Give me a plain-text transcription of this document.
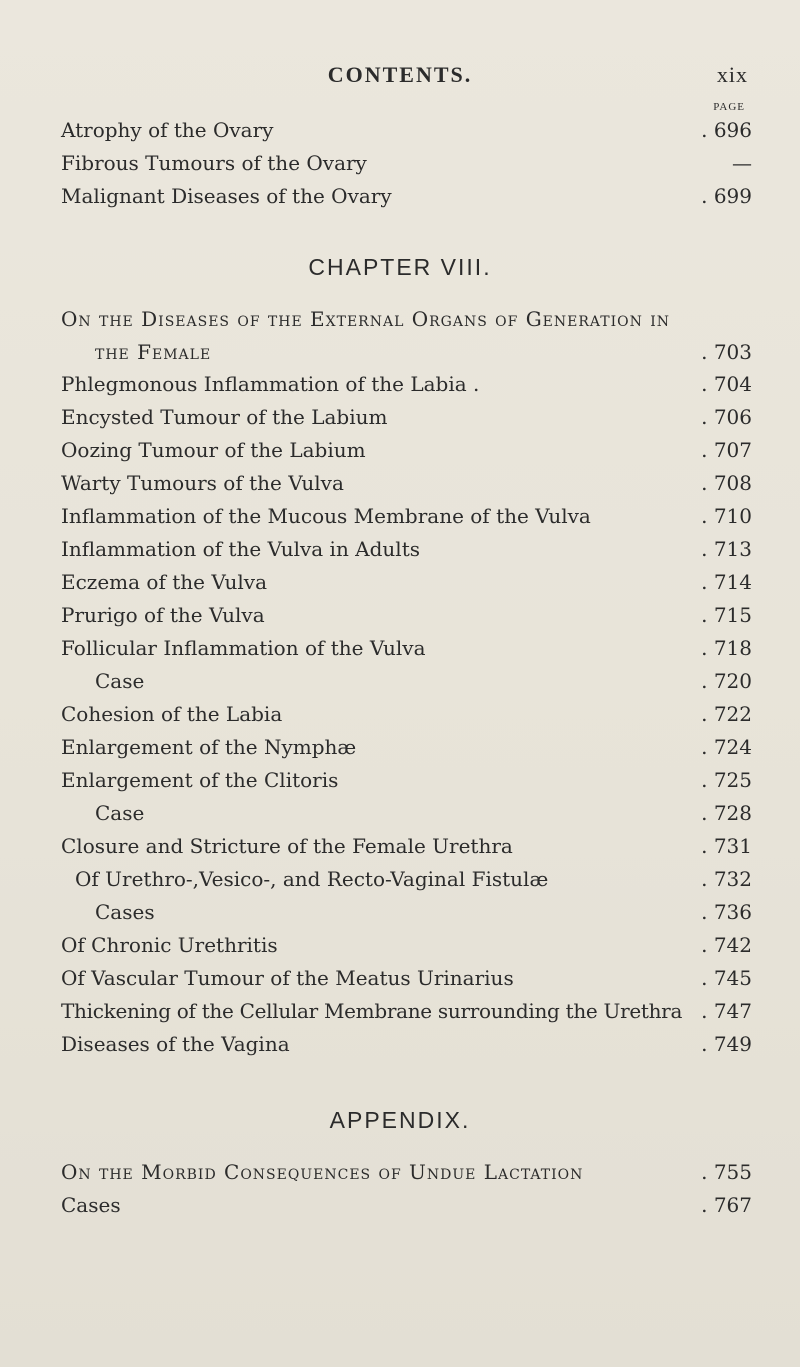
CONTENTS.	xix
PAGE
Atrophy of the Ovary	. 696
Fibrous Tumours of the Ovary	—
Malignant Diseases of the Ovary	. 699
CHAPTER VIII.
On the Diseases of the External Organs of Generation in
the Female	. 703
Phlegmonous Inflammation of the Labia .	. 704
Encysted Tumour of the Labium	. 706
Oozing Tumour of the Labium	. 707
Warty Tumours of the Vulva	. 708
Inflammation of the Mucous Membrane of the Vulva	. 710
Inflammation of the Vulva in Adults	. 713
Eczema of the Vulva	. 714
Prurigo of the Vulva	. 715
Follicular Inflammation of the Vulva	. 718
Case	. 720
Cohesion of the Labia	. 722
Enlargement of the Nymphæ	. 724
Enlargement of the Clitoris	. 725
Case	. 728
Closure and Stricture of the Female Urethra	. 731
Of Urethro-,Vesico-, and Recto-Vaginal Fistulæ	. 732
Cases	. 736
Of Chronic Urethritis	. 742
Of Vascular Tumour of the Meatus Urinarius	. 745
Thickening of the Cellular Membrane surrounding the Urethra . 747
Diseases of the Vagina	. 749
APPENDIX.
On the Morbid Consequences of Undue Lactation	. 755
Cases	. 767
